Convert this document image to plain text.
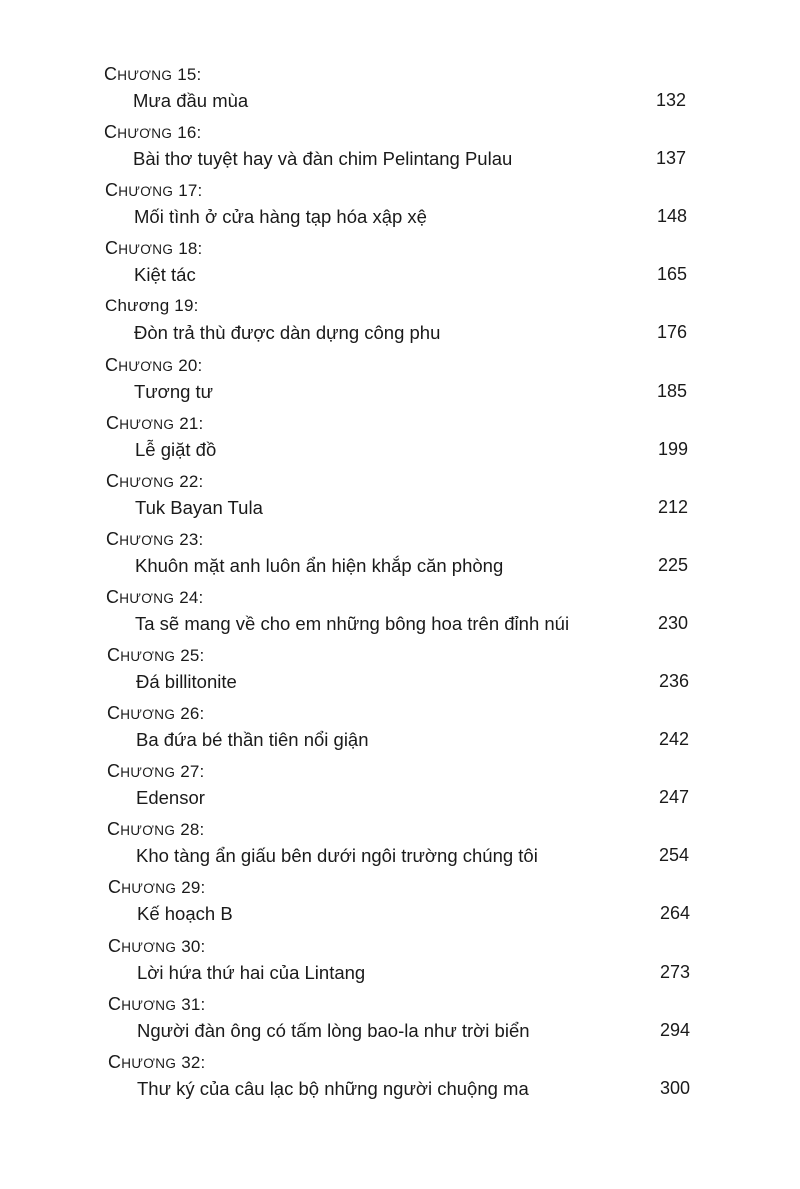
CHƯƠNG 15:
Mưa đầu mùa	132
CHƯƠNG 16:
Bài thơ tuyệt hay và đàn chim Pelintang Pulau	137
CHƯƠNG 17:
Mối tình ở cửa hàng tạp hóa xập xệ	148
CHƯƠNG 18:
Kiệt tác	165
Chương 19:
Đòn trả thù được dàn dựng công phu	176
CHƯƠNG 20:
Tương tư	185
CHƯƠNG 21:
Lễ giặt đồ	199
CHƯƠNG 22:
Tuk Bayan Tula	212
CHƯƠNG 23:
Khuôn mặt anh luôn ẩn hiện khắp căn phòng	225
CHƯƠNG 24:
Ta sẽ mang về cho em những bông hoa trên đỉnh núi	230
CHƯƠNG 25:
Đá billitonite	236
CHƯƠNG 26:
Ba đứa bé thần tiên nổi giận	242
CHƯƠNG 27:
Edensor	247
CHƯƠNG 28:
Kho tàng ẩn giấu bên dưới ngôi trường chúng tôi	254
CHƯƠNG 29:
Kế hoạch B	264
CHƯƠNG 30:
Lời hứa thứ hai của Lintang	273
CHƯƠNG 31:
Người đàn ông có tấm lòng bao-la như trời biển	294
CHƯƠNG 32:
Thư ký của câu lạc bộ những người chuộng ma	300
